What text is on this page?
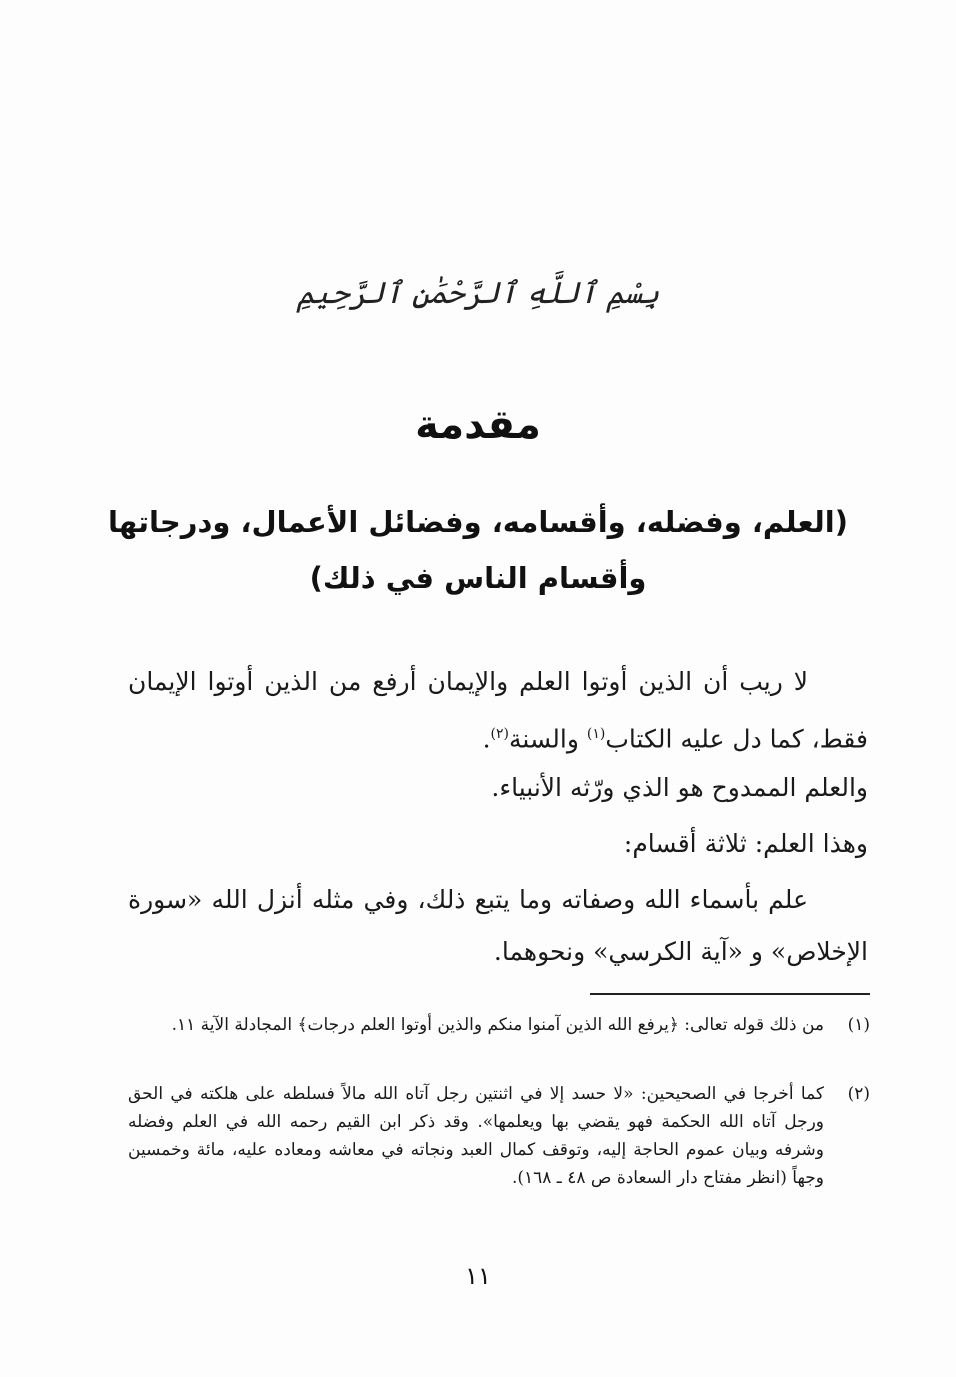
بِسْمِ ٱللَّهِ ٱلرَّحْمَٰنِ ٱلرَّحِيمِ
مقدمة
(العلم، وفضله، وأقسامه، وفضائل الأعمال، ودرجاتها
وأقسام الناس في ذلك)
لا ريب أن الذين أوتوا العلم والإيمان أرفع من الذين أوتوا الإيمان فقط، كما دل عليه الكتاب$^{(١)}$ والسنة$^{(٢)}$.
والعلم الممدوح هو الذي ورّثه الأنبياء.
وهذا العلم: ثلاثة أقسام:
علم بأسماء الله وصفاته وما يتبع ذلك، وفي مثله أنزل الله «سورة الإخلاص» و «آية الكرسي» ونحوهما.
(١)
من ذلك قوله تعالى: ﴿يرفع الله الذين آمنوا منكم والذين أوتوا العلم درجات﴾ المجادلة الآية ١١.
(٢)
كما أخرجا في الصحيحين: «لا حسد إلا في اثنتين رجل آتاه الله مالاً فسلطه على هلكته في الحق ورجل آتاه الله الحكمة فهو يقضي بها ويعلمها». وقد ذكر ابن القيم رحمه الله في العلم وفضله وشرفه وبيان عموم الحاجة إليه، وتوقف كمال العبد ونجاته في معاشه ومعاده عليه، مائة وخمسين وجهاً (انظر مفتاح دار السعادة ص ٤٨ ـ ١٦٨).
١١
